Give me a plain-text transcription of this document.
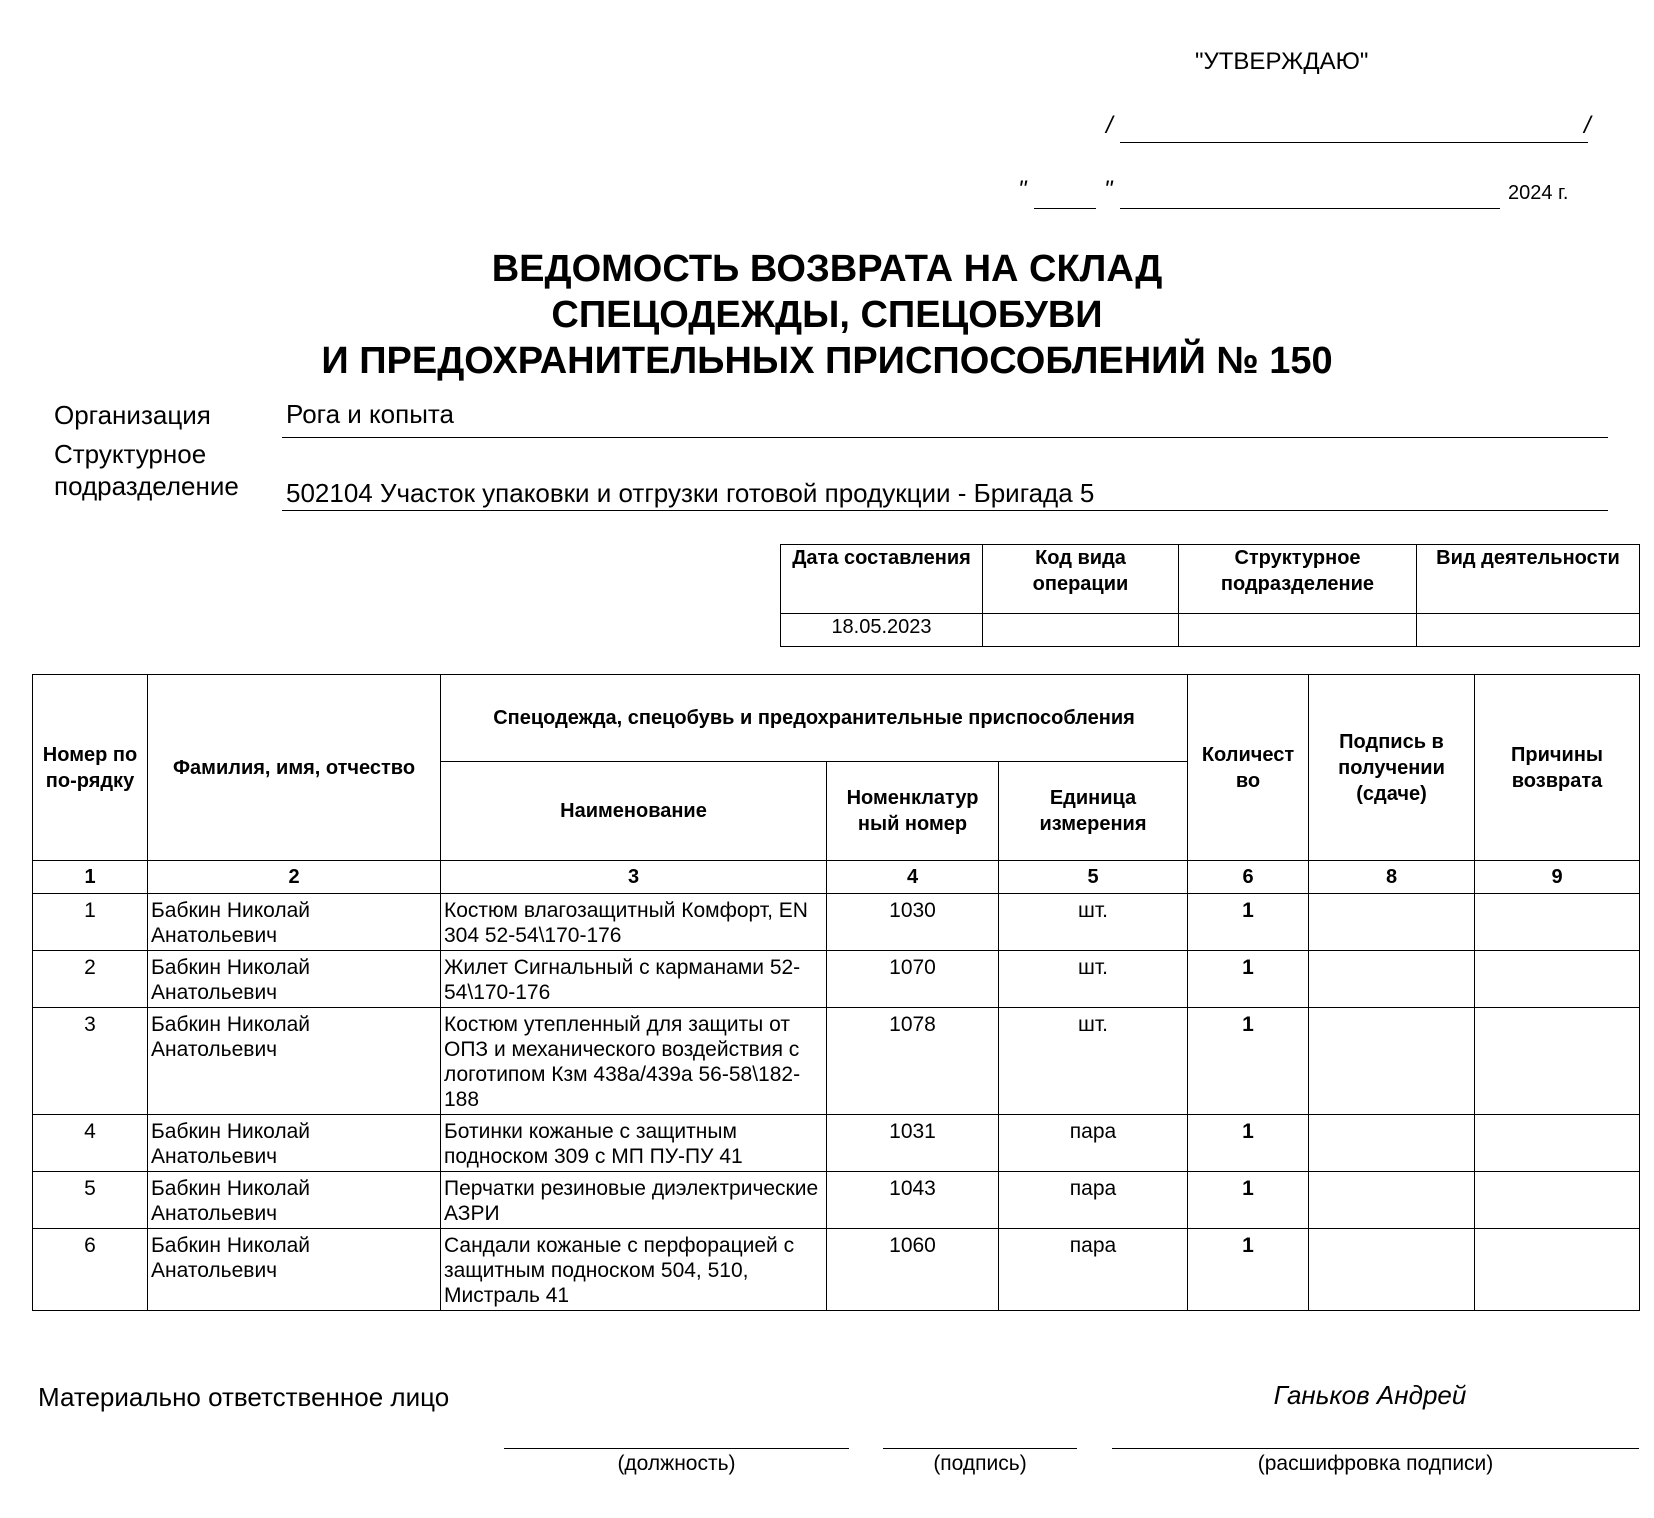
"УТВЕРЖДАЮ"
/	/
"	"	2024 г.
ВЕДОМОСТЬ ВОЗВРАТА НА СКЛАД
СПЕЦОДЕЖДЫ, СПЕЦОБУВИ
И ПРЕДОХРАНИТЕЛЬНЫХ ПРИСПОСОБЛЕНИЙ № 150
Организация	Рога и копыта
Структурное
подразделение 502104 Участок упаковки и отгрузки готовой продукции - Бригада 5
Дата составления	Код вида операции	Структурное подразделение	Вид деятельности
18.05.2023			
Номер по по-рядку	Фамилия, имя, отчество	Спецодежда, спецобувь и предохранительные приспособления			Количест во	Подпись в получении (сдаче)	Причины возврата
		Наименование	Номенклатур ный номер	Единица измерения			
1	2	3	4	5	6	8	9
1	Бабкин Николай Анатольевич	Костюм влагозащитный Комфорт, EN 304 52-54\170-176	1030	шт.	1		
2	Бабкин Николай Анатольевич	Жилет Сигнальный с карманами 52-54\170-176	1070	шт.	1		
3	Бабкин Николай Анатольевич	Костюм утепленный для защиты от ОПЗ и механического воздействия с логотипом Кзм 438а/439а 56-58\182-188	1078	шт.	1		
4	Бабкин Николай Анатольевич	Ботинки кожаные с защитным подноском 309 с МП ПУ-ПУ 41	1031	пара	1		
5	Бабкин Николай Анатольевич	Перчатки резиновые диэлектрические АЗРИ	1043	пара	1		
6	Бабкин Николай Анатольевич	Сандали кожаные с перфорацией с защитным подноском 504, 510, Мистраль 41	1060	пара	1		
Материально ответственное лицо	Ганьков Андрей
(должность)	(подпись)	(расшифровка подписи)
